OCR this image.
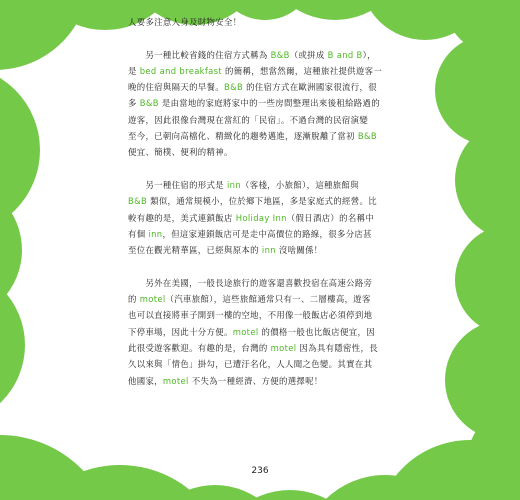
人要多注意人身及財物安全！
　　另一種比較省錢的住宿方式稱為 B&B（或拼成 B and B），
是 bed and breakfast 的簡稱，想當然爾，這種旅社提供遊客一
晚的住宿與隔天的早餐。B&B 的住宿方式在歐洲國家很流行，很
多 B&B 是由當地的家庭將家中的一些房間整理出來後租給路過的
遊客，因此很像台灣現在當紅的「民宿」。不過台灣的民宿演變
至今，已朝向高檔化、精緻化的趨勢邁進，逐漸脫離了當初 B&B
便宜、簡樸、便利的精神。
　　另一種住宿的形式是 inn（客棧，小旅館），這種旅館與
B&B 類似，通常規模小，位於鄉下地區，多是家庭式的經營。比
較有趣的是，美式連鎖飯店 Holiday Inn（假日酒店）的名稱中
有個 inn，但這家連鎖飯店可是走中高價位的路線，很多分店甚
至位在觀光精華區，已經與原本的 inn 沒啥關係！
　　另外在美國，一般長途旅行的遊客還喜歡投宿在高速公路旁
的 motel（汽車旅館），這些旅館通常只有一、二層樓高，遊客
也可以直接將車子開到一樓的空地，不用像一般飯店必須停到地
下停車場，因此十分方便。motel 的價格一般也比飯店便宜，因
此很受遊客歡迎。有趣的是，台灣的 motel 因為具有隱密性，長
久以來與「情色」掛勾，已遭汙名化，人人聞之色變。其實在其
他國家，motel 不失為一種經濟、方便的選擇呢！
236
